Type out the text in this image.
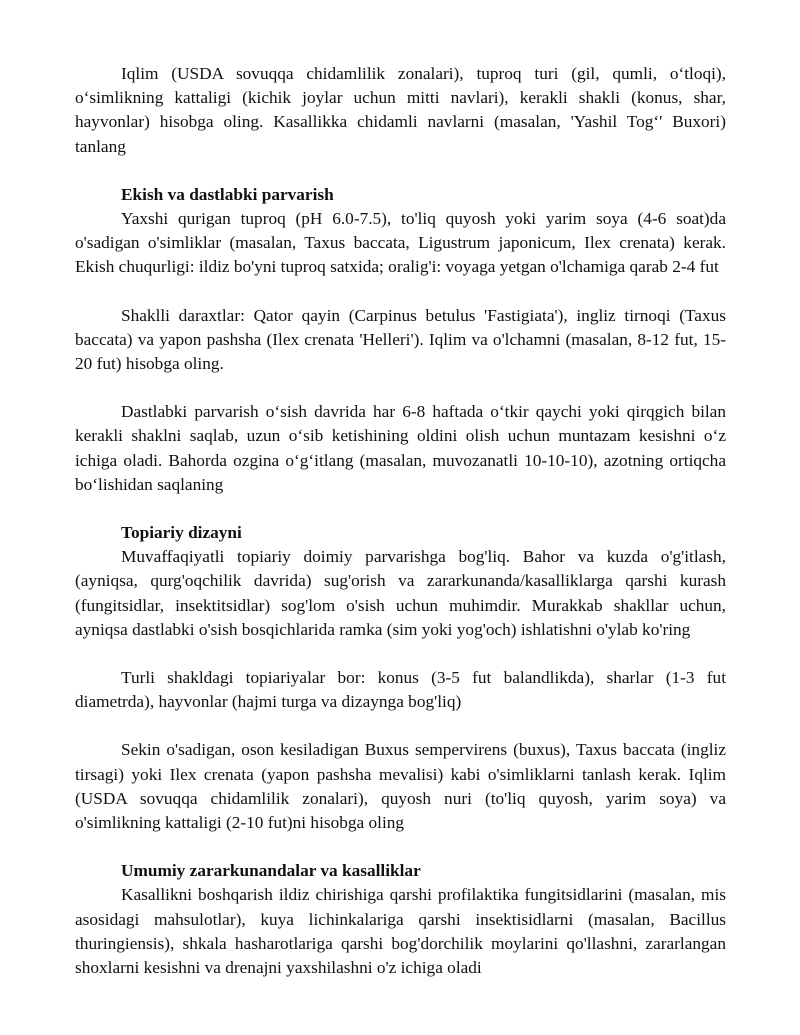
Iqlim (USDA sovuqqa chidamlilik zonalari), tuproq turi (gil, qumli, o‘tloqi), o‘simlikning kattaligi (kichik joylar uchun mitti navlari), kerakli shakli (konus, shar, hayvonlar) hisobga oling. Kasallikka chidamli navlarni (masalan, 'Yashil Tog‘' Buxori) tanlang

Ekish va dastlabki parvarish

Yaxshi qurigan tuproq (pH 6.0-7.5), to'liq quyosh yoki yarim soya (4-6 soat)da o'sadigan o'simliklar (masalan, Taxus baccata, Ligustrum japonicum, Ilex crenata) kerak. Ekish chuqurligi: ildiz bo'yni tuproq satxida; oralig'i: voyaga yetgan o'lchamiga qarab 2-4 fut

Shaklli daraxtlar: Qator qayin (Carpinus betulus 'Fastigiata'), ingliz tirnoqi (Taxus baccata) va yapon pashsha (Ilex crenata 'Helleri'). Iqlim va o'lchamni (masalan, 8-12 fut, 15-20 fut) hisobga oling.

Dastlabki parvarish o‘sish davrida har 6-8 haftada o‘tkir qaychi yoki qirqgich bilan kerakli shaklni saqlab, uzun o‘sib ketishining oldini olish uchun muntazam kesishni o‘z ichiga oladi. Bahorda ozgina o‘g‘itlang (masalan, muvozanatli 10-10-10), azotning ortiqcha bo‘lishidan saqlaning

Topiariy dizayni

Muvaffaqiyatli topiariy doimiy parvarishga bog'liq. Bahor va kuzda o'g'itlash, (ayniqsa, qurg'oqchilik davrida) sug'orish va zararkunanda/kasalliklarga qarshi kurash (fungitsidlar, insektitsidlar) sog'lom o'sish uchun muhimdir. Murakkab shakllar uchun, ayniqsa dastlabki o'sish bosqichlarida ramka (sim yoki yog'och) ishlatishni o'ylab ko'ring

Turli shakldagi topiariyalar bor: konus (3-5 fut balandlikda), sharlar (1-3 fut diametrda), hayvonlar (hajmi turga va dizaynga bog'liq)

Sekin o'sadigan, oson kesiladigan Buxus sempervirens (buxus), Taxus baccata (ingliz tirsagi) yoki Ilex crenata (yapon pashsha mevalisi) kabi o'simliklarni tanlash kerak. Iqlim (USDA sovuqqa chidamlilik zonalari), quyosh nuri (to'liq quyosh, yarim soya) va o'simlikning kattaligi (2-10 fut)ni hisobga oling

Umumiy zararkunandalar va kasalliklar

Kasallikni boshqarish ildiz chirishiga qarshi profilaktika fungitsidlarini (masalan, mis asosidagi mahsulotlar), kuya lichinkalariga qarshi insektisidlarni (masalan, Bacillus thuringiensis), shkala hasharotlariga qarshi bog'dorchilik moylarini qo'llashni, zararlangan shoxlarni kesishni va drenajni yaxshilashni o'z ichiga oladi
